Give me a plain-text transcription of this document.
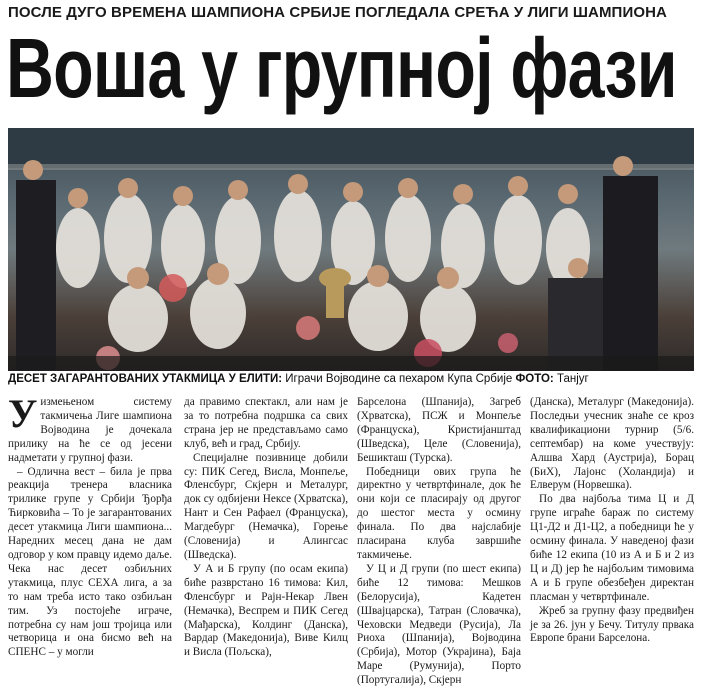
ПОСЛЕ ДУГО ВРЕМЕНА ШАМПИОНА СРБИЈЕ ПОГЛЕДАЛА СРЕЋА У ЛИГИ ШАМПИОНА
Воша у групној фази
ДЕСЕТ ЗАГАРАНТОВАНИХ УТАКМИЦА У ЕЛИТИ: Играчи Војводине са пехаром Купа Србије ФОТО: Танјуг
У измењеном систему такмичења Лиге шампиона Војводина је дочекала прилику на ће се од јесени надметати у групној фази.

– Одлична вест – била је прва реакција тренера власника трилике групе у Србији Ђорђа Ћирковића – То је загарантованих десет утакмица Лиги шампиона... Наредних месец дана не дам одговор у ком правцу идемо даље. Чека нас десет озбиљних утакмица, плус СЕХА лига, а за то нам треба исто тако озбиљан тим. Уз постојеће играче, потребна су нам још тројица или четворица и она бисмо већ на СПЕНС – у могли

да правимо спектакл, али нам је за то потребна подршка са свих страна јер не представљамо само клуб, већ и град, Србију.

Специјалне позивнице добили су: ПИК Сегед, Висла, Монпеље, Фленсбург, Скјерн и Металург, док су одбијени Нексе (Хрватска), Нант и Сен Рафаел (Француска), Магдебург (Немачка), Горење (Словенија) и Алингсас (Шведска).

У А и Б групу (по осам екипа) биће разврстано 16 тимова: Кил, Фленсбург и Рајн-Некар Лвен (Немачка), Веспрем и ПИК Сегед (Мађарска), Колдинг (Данска), Вардар (Македонија), Виве Килц и Висла (Пољска),

Барселона (Шпанија), Загреб (Хрватска), ПСЖ и Монпеље (Француска), Кристијанштад (Шведска), Целе (Словенија), Бешикташ (Турска).

Победници ових група ће директно у четвртфинале, док ће они који се пласирају од другог до шестог места у осмину финала. По два најслабије пласирана клуба завршиће такмичење.

У Ц и Д групи (по шест екипа) биће 12 тимова: Мешков (Белорусија), Кадетен (Швајцарска), Татран (Словачка), Чеховски Медведи (Русија), Ла Риоха (Шпанија), Војводина (Србија), Мотор (Украјина), Баја Маре (Румунија), Порто (Португалија), Скјерн

(Данска), Металург (Македонија). Последњи учесник знаће се кроз квалификациони турнир (5/6. септембар) на коме учествују: Алшва Хард (Аустрија), Борац (БиХ), Лајонс (Холандија) и Елверум (Норвешка).

По два најбоља тима Ц и Д групе играће бараж по систему Ц1-Д2 и Д1-Ц2, а победници ће у осмину финала. У наведеној фази биће 12 екипа (10 из А и Б и 2 из Ц и Д) јер ће најбољим тимовима А и Б групе обезбеђен директан пласман у четвртфинале.

Жреб за групну фазу предвиђен је за 26. јун у Бечу. Титулу првака Европе брани Барселона.
